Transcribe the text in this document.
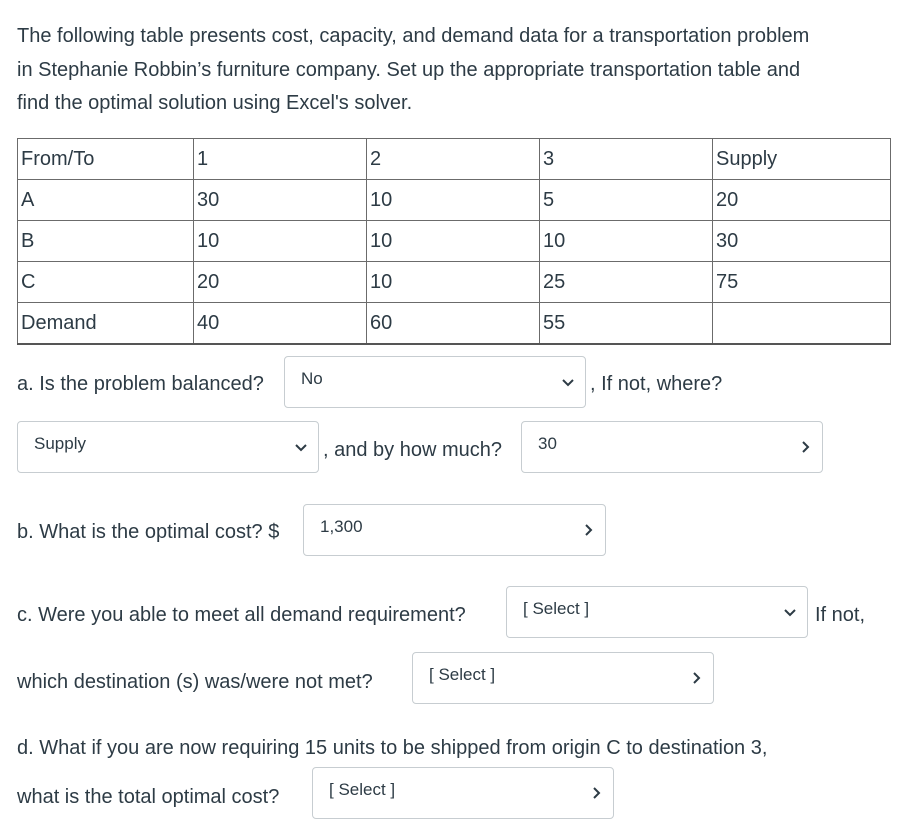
The following table presents cost, capacity, and demand data for a transportation problem
in Stephanie Robbin’s furniture company. Set up the appropriate transportation table and
find the optimal solution using Excel's solver.
From/To	1	2	3	Supply
A	30	10	5	20
B	10	10	10	30
C	20	10	25	75
Demand	40	60	55	
a. Is the problem balanced? No	, If not, where?
Supply	, and by how much? 30
b. What is the optimal cost? $ 1,300
c. Were you able to meet all demand requirement?	[ Select ]	If not,
which destination (s) was/were not met?	[ Select ]
d. What if you are now requiring 15 units to be shipped from origin C to destination 3,
what is the total optimal cost?	[ Select ]
